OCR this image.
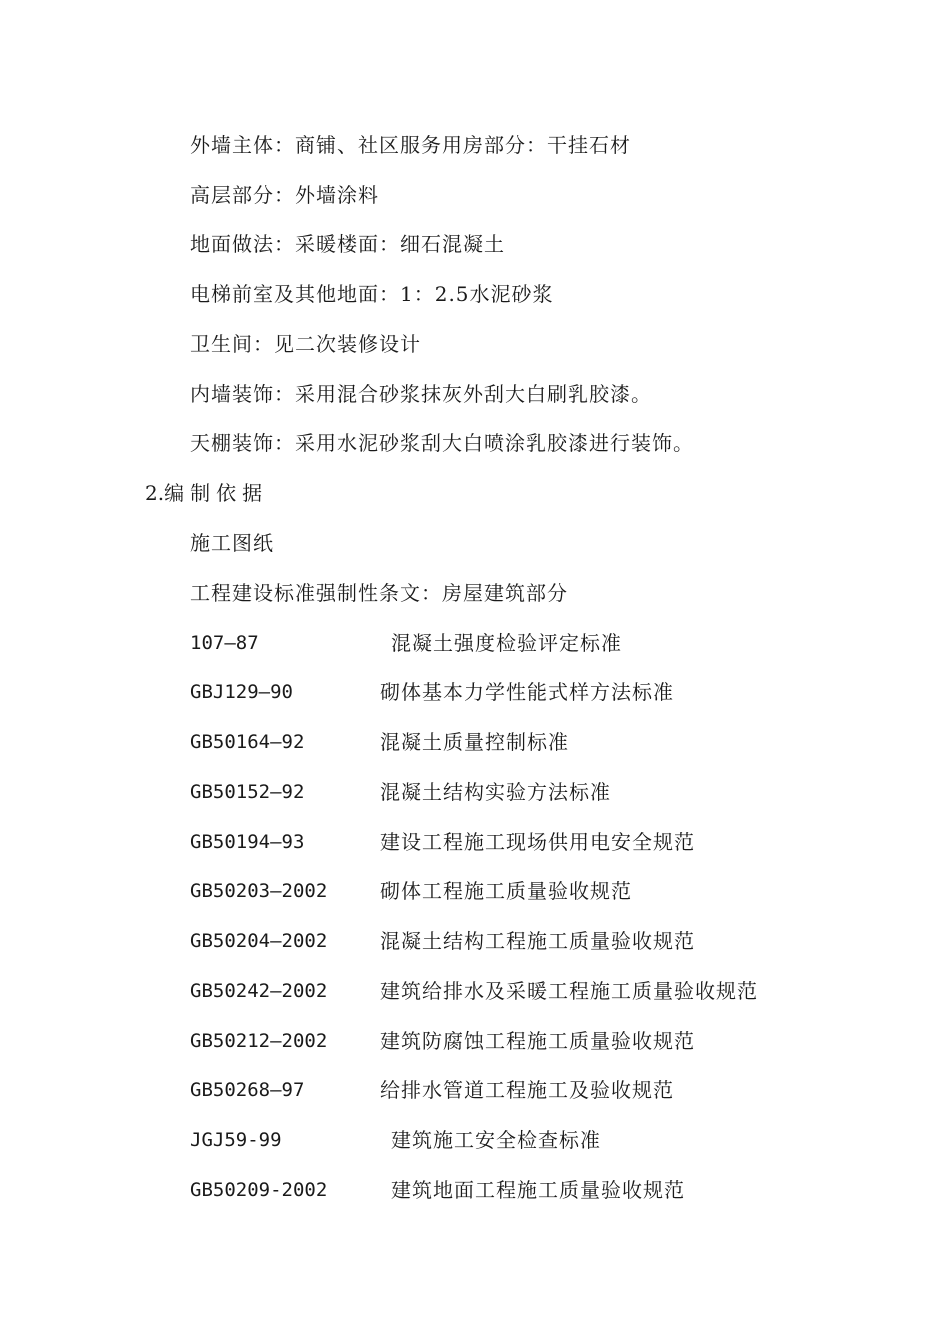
外墙主体：商铺、社区服务用房部分：干挂石材
高层部分：外墙涂料
地面做法：采暖楼面：细石混凝土
电梯前室及其他地面：1：2.5水泥砂浆
卫生间：见二次装修设计
内墙装饰：采用混合砂浆抹灰外刮大白刷乳胶漆。
天棚装饰：采用水泥砂浆刮大白喷涂乳胶漆进行装饰。
2.编 制 依 据
施工图纸
工程建设标准强制性条文：房屋建筑部分
107—87	混凝土强度检验评定标准
GBJ129—90	砌体基本力学性能式样方法标准
GB50164—92	混凝土质量控制标准
GB50152—92	混凝土结构实验方法标准
GB50194—93	建设工程施工现场供用电安全规范
GB50203—2002	砌体工程施工质量验收规范
GB50204—2002	混凝土结构工程施工质量验收规范
GB50242—2002	建筑给排水及采暖工程施工质量验收规范
GB50212—2002	建筑防腐蚀工程施工质量验收规范
GB50268—97	给排水管道工程施工及验收规范
JGJ59-99	建筑施工安全检查标准
GB50209-2002	建筑地面工程施工质量验收规范
